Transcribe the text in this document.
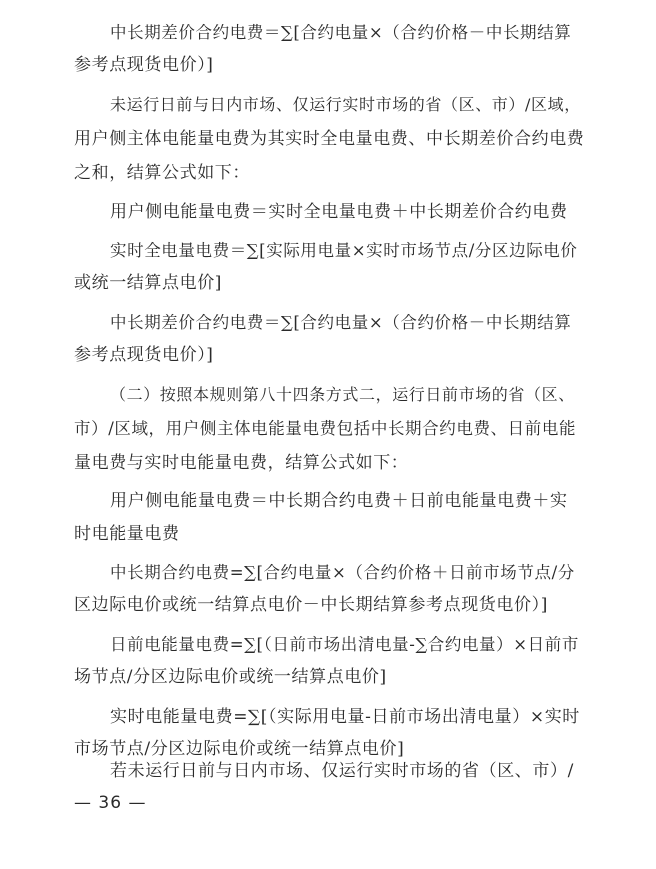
中长期差价合约电费＝∑[合约电量×（合约价格－中长期结算
参考点现货电价）]
未运行日前与日内市场、仅运行实时市场的省（区、市）/区域，
用户侧主体电能量电费为其实时全电量电费、中长期差价合约电费
之和，结算公式如下：
用户侧电能量电费＝实时全电量电费＋中长期差价合约电费
实时全电量电费＝∑[实际用电量×实时市场节点/分区边际电价
或统一结算点电价]
中长期差价合约电费＝∑[合约电量×（合约价格－中长期结算
参考点现货电价）]
（二）按照本规则第八十四条方式二，运行日前市场的省（区、
市）/区域，用户侧主体电能量电费包括中长期合约电费、日前电能
量电费与实时电能量电费，结算公式如下：
用户侧电能量电费＝中长期合约电费＋日前电能量电费＋实
时电能量电费
中长期合约电费=∑[合约电量×（合约价格＋日前市场节点/分
区边际电价或统一结算点电价－中长期结算参考点现货电价）]
日前电能量电费=∑[（日前市场出清电量-∑合约电量）×日前市
场节点/分区边际电价或统一结算点电价]
实时电能量电费=∑[（实际用电量-日前市场出清电量）×实时
市场节点/分区边际电价或统一结算点电价]
若未运行日前与日内市场、仅运行实时市场的省（区、市）/
— 36 —
